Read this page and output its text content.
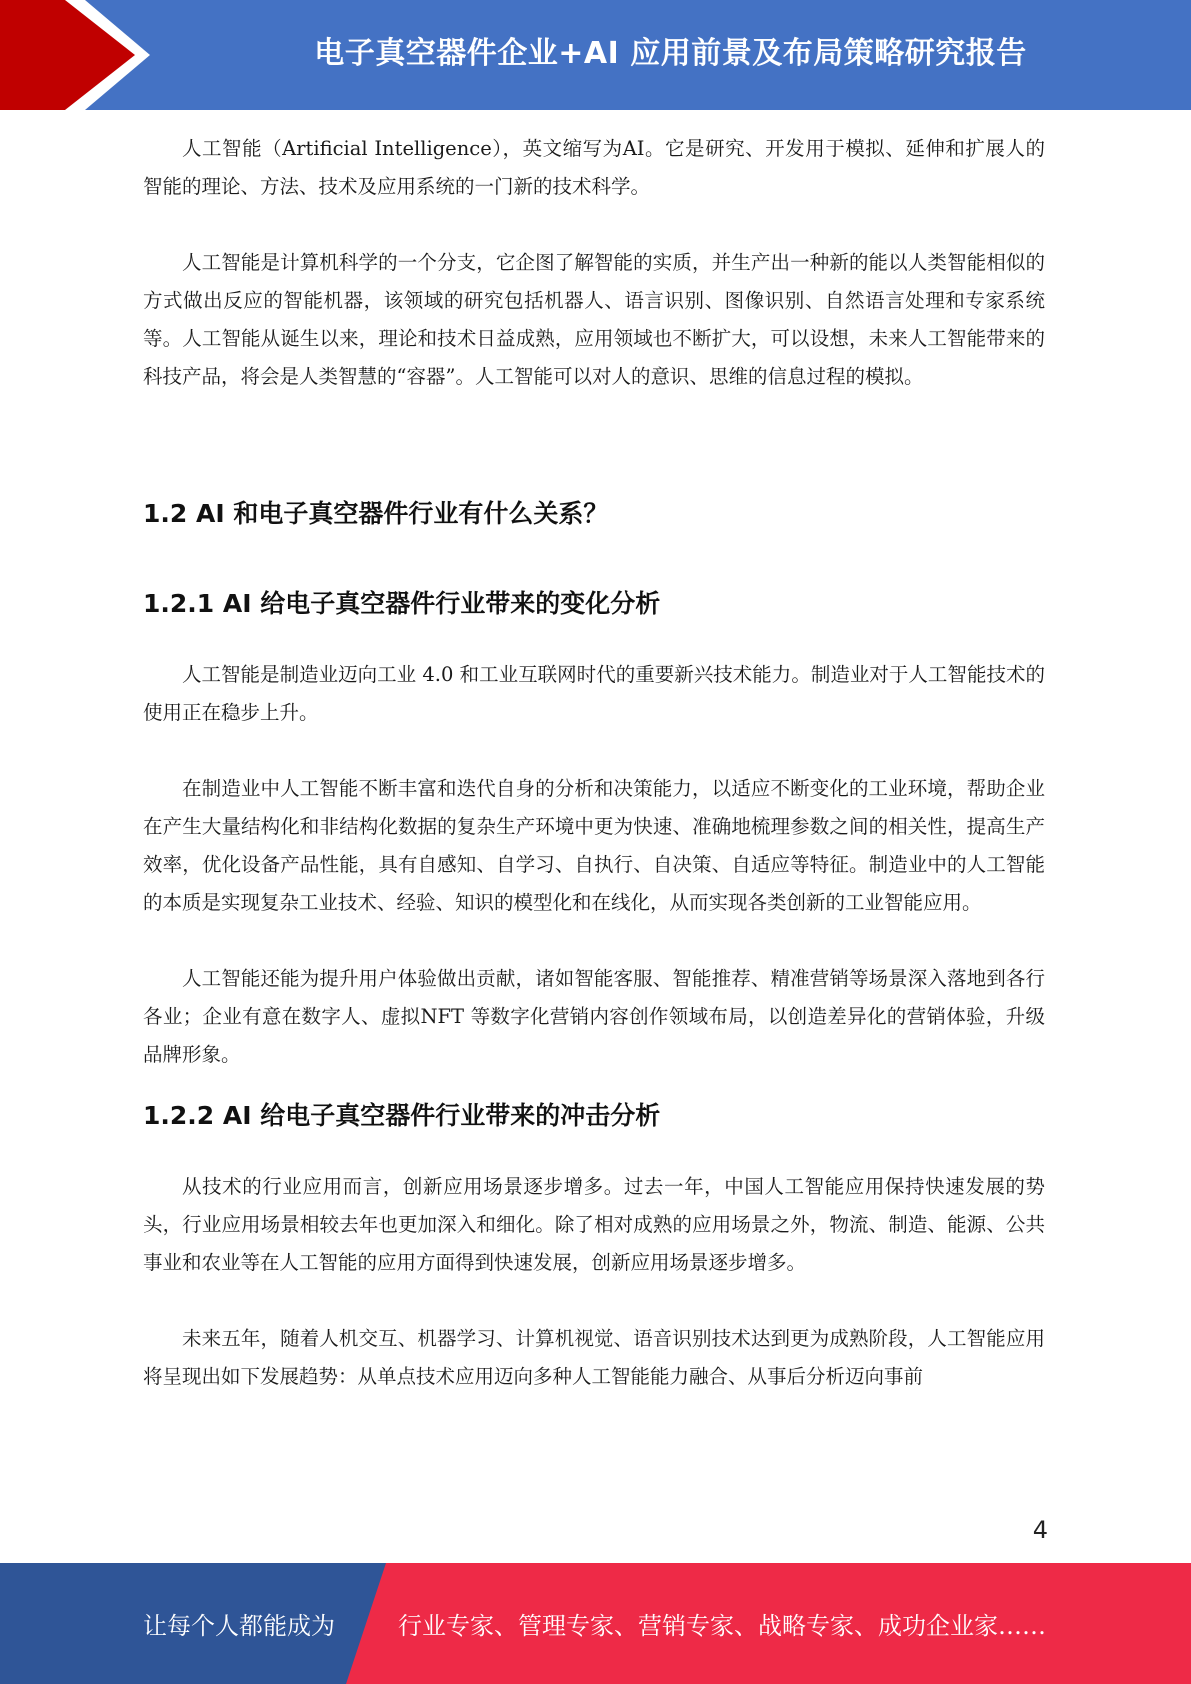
电子真空器件企业+AI 应用前景及布局策略研究报告

人工智能（Artificial Intelligence），英文缩写为AI。它是研究、开发用于模拟、延伸和扩展人的智能的理论、方法、技术及应用系统的一门新的技术科学。

人工智能是计算机科学的一个分支，它企图了解智能的实质，并生产出一种新的能以人类智能相似的方式做出反应的智能机器，该领域的研究包括机器人、语言识别、图像识别、自然语言处理和专家系统等。人工智能从诞生以来，理论和技术日益成熟，应用领域也不断扩大，可以设想，未来人工智能带来的科技产品，将会是人类智慧的“容器”。人工智能可以对人的意识、思维的信息过程的模拟。

1.2 AI 和电子真空器件行业有什么关系？
1.2.1 AI 给电子真空器件行业带来的变化分析

人工智能是制造业迈向工业 4.0 和工业互联网时代的重要新兴技术能力。制造业对于人工智能技术的使用正在稳步上升。

在制造业中人工智能不断丰富和迭代自身的分析和决策能力，以适应不断变化的工业环境，帮助企业在产生大量结构化和非结构化数据的复杂生产环境中更为快速、准确地梳理参数之间的相关性，提高生产效率，优化设备产品性能，具有自感知、自学习、自执行、自决策、自适应等特征。制造业中的人工智能的本质是实现复杂工业技术、经验、知识的模型化和在线化，从而实现各类创新的工业智能应用。

人工智能还能为提升用户体验做出贡献，诸如智能客服、智能推荐、精准营销等场景深入落地到各行各业；企业有意在数字人、虚拟NFT 等数字化营销内容创作领域布局，以创造差异化的营销体验，升级品牌形象。

1.2.2 AI 给电子真空器件行业带来的冲击分析

从技术的行业应用而言，创新应用场景逐步增多。过去一年，中国人工智能应用保持快速发展的势头，行业应用场景相较去年也更加深入和细化。除了相对成熟的应用场景之外，物流、制造、能源、公共事业和农业等在人工智能的应用方面得到快速发展，创新应用场景逐步增多。

未来五年，随着人机交互、机器学习、计算机视觉、语音识别技术达到更为成熟阶段，人工智能应用将呈现出如下发展趋势：从单点技术应用迈向多种人工智能能力融合、从事后分析迈向事前

4
让每个人都能成为	行业专家、管理专家、营销专家、战略专家、成功企业家……
